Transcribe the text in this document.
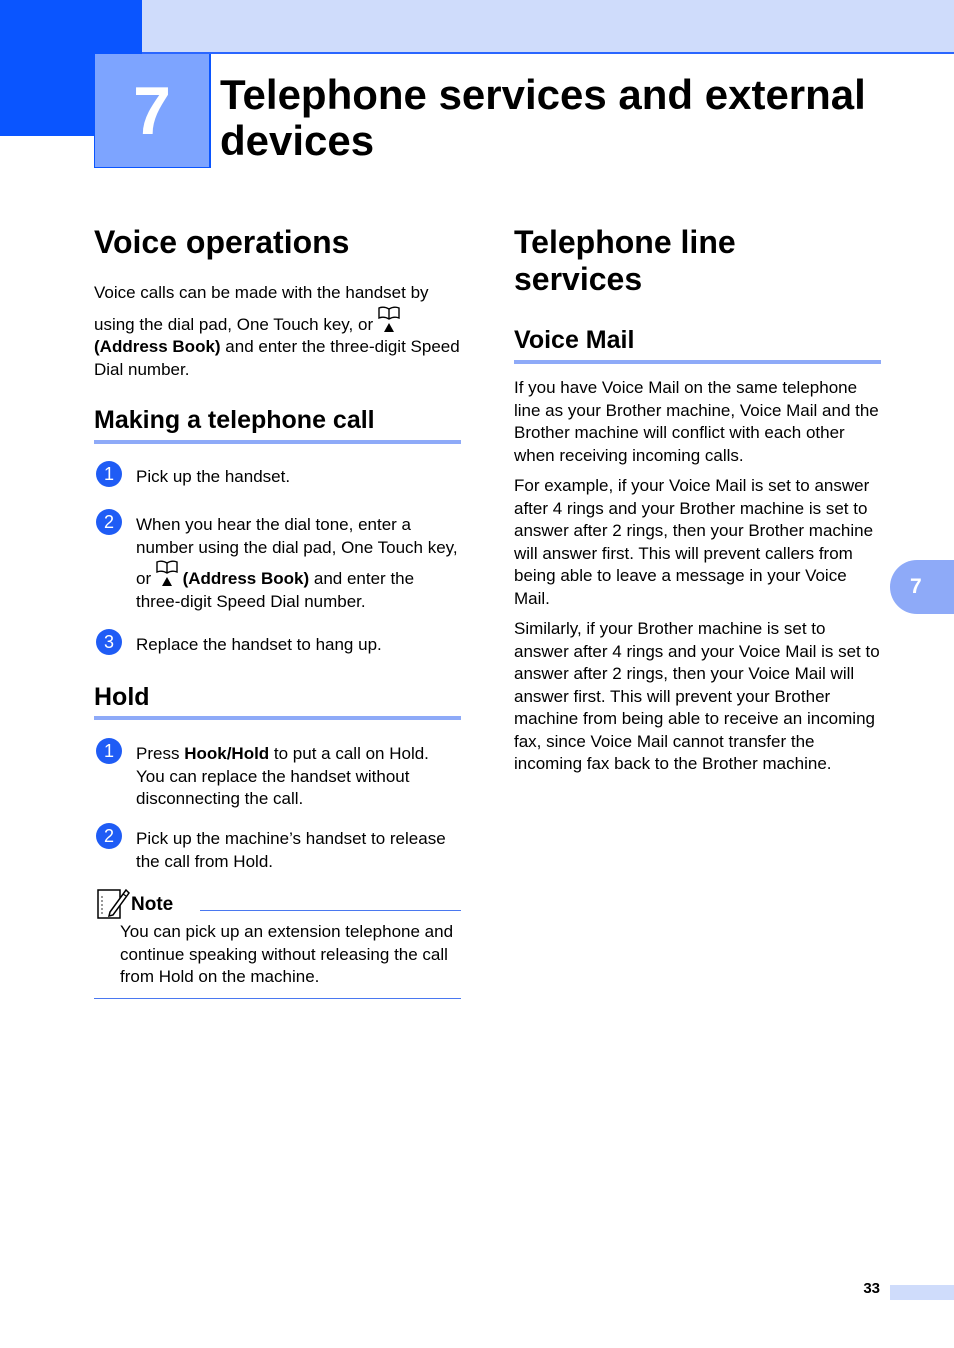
7	Telephone services and external devices
Voice operations

Voice calls can be made with the handset by using the dial pad, One Touch key, or (Address Book) and enter the three-digit Speed Dial number.

Making a telephone call
1	Pick up the handset.

2	When you hear the dial tone, enter a number using the dial pad, One Touch key, or  (Address Book) and enter the three-digit Speed Dial number.

3	Replace the handset to hang up.

Hold
1	Press Hook/Hold to put a call on Hold. You can replace the handset without disconnecting the call.

2	Pick up the machine’s handset to release the call from Hold.

Note

You can pick up an extension telephone and continue speaking without releasing the call from Hold on the machine.

Telephone line services
Voice Mail

If you have Voice Mail on the same telephone line as your Brother machine, Voice Mail and the Brother machine will conflict with each other when receiving incoming calls.

For example, if your Voice Mail is set to answer after 4 rings and your Brother machine is set to answer after 2 rings, then your Brother machine will answer first. This will prevent callers from being able to leave a message in your Voice Mail.

Similarly, if your Brother machine is set to answer after 4 rings and your Voice Mail is set to answer after 2 rings, then your Voice Mail will answer first. This will prevent your Brother machine from being able to receive an incoming fax, since Voice Mail cannot transfer the incoming fax back to the Brother machine.

7
33
